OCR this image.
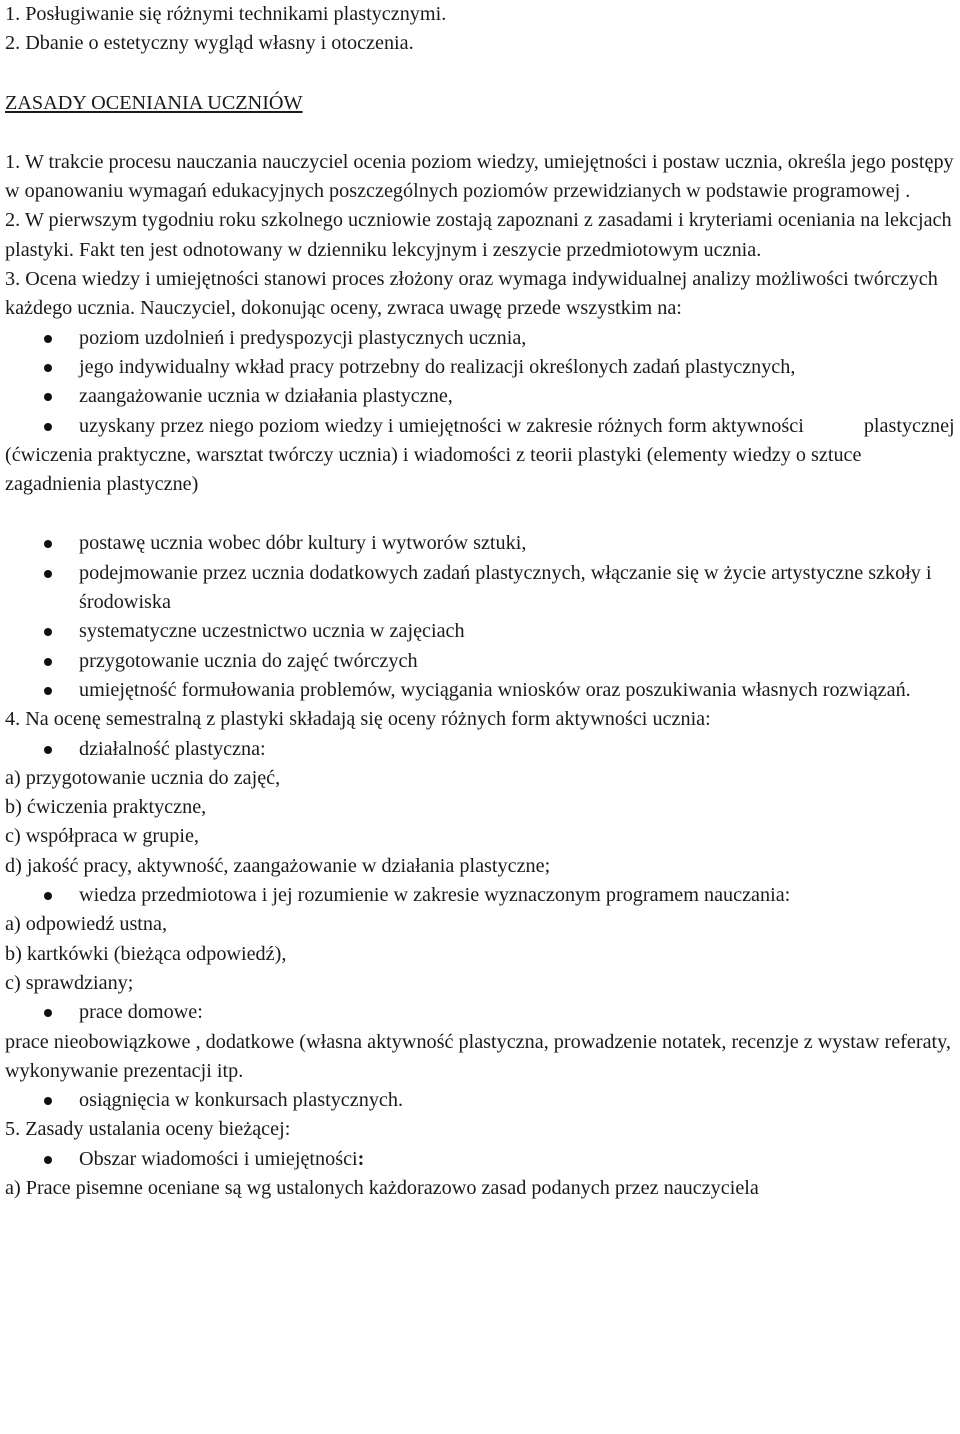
1. Posługiwanie się różnymi technikami plastycznymi.

2. Dbanie o estetyczny wygląd własny i otoczenia.

ZASADY OCENIANIA UCZNIÓW

1. W trakcie procesu nauczania nauczyciel ocenia poziom wiedzy, umiejętności i postaw ucznia, określa jego postępy w opanowaniu wymagań edukacyjnych poszczególnych poziomów przewidzianych w podstawie programowej .

2. W pierwszym tygodniu roku szkolnego uczniowie zostają zapoznani z zasadami i kryteriami oceniania na lekcjach plastyki. Fakt ten jest odnotowany w dzienniku lekcyjnym i zeszycie przedmiotowym ucznia.

3. Ocena wiedzy i umiejętności stanowi proces złożony oraz wymaga indywidualnej analizy możliwości twórczych każdego ucznia. Nauczyciel, dokonując oceny, zwraca uwagę przede wszystkim na:

poziom uzdolnień i predyspozycji plastycznych ucznia,
jego indywidualny wkład pracy potrzebny do realizacji określonych zadań plastycznych,
zaangażowanie ucznia w działania plastyczne,
uzyskany przez niego poziom wiedzy i umiejętności w zakresie różnych form aktywności	plastycznej

(ćwiczenia praktyczne, warsztat twórczy ucznia) i wiadomości z teorii plastyki (elementy wiedzy o sztuce zagadnienia plastyczne)

postawę ucznia wobec dóbr kultury i wytworów sztuki,
podejmowanie przez ucznia dodatkowych zadań plastycznych, włączanie się w życie artystyczne szkoły i środowiska
systematyczne uczestnictwo ucznia w zajęciach
przygotowanie ucznia do zajęć twórczych
umiejętność formułowania problemów, wyciągania wniosków oraz poszukiwania własnych rozwiązań.

4. Na ocenę semestralną z plastyki składają się oceny różnych form aktywności ucznia:

działalność plastyczna:

a) przygotowanie ucznia do zajęć,

b) ćwiczenia praktyczne,

c) współpraca w grupie,

d) jakość pracy, aktywność, zaangażowanie w działania plastyczne;

wiedza przedmiotowa i jej rozumienie w zakresie wyznaczonym programem nauczania:

a) odpowiedź ustna,

b) kartkówki (bieżąca odpowiedź),

c) sprawdziany;

prace domowe:

prace nieobowiązkowe , dodatkowe (własna aktywność plastyczna, prowadzenie notatek, recenzje z wystaw referaty, wykonywanie prezentacji itp.

osiągnięcia w konkursach plastycznych.

5. Zasady ustalania oceny bieżącej:

Obszar wiadomości i umiejętności:

a) Prace pisemne oceniane są wg ustalonych każdorazowo zasad podanych przez nauczyciela
